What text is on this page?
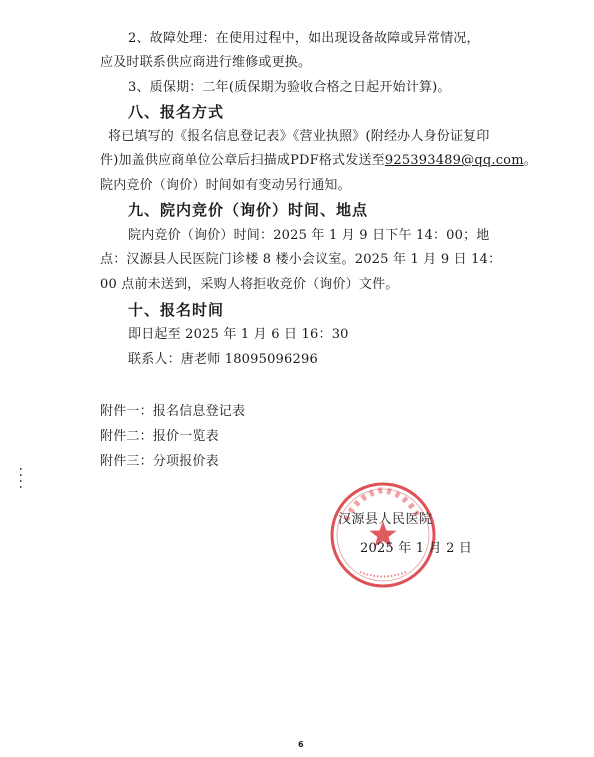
2、故障处理：在使用过程中，如出现设备故障或异常情况，
应及时联系供应商进行维修或更换。
3、质保期：二年(质保期为验收合格之日起开始计算)。
八、报名方式
将已填写的《报名信息登记表》《营业执照》(附经办人身份证复印
件)加盖供应商单位公章后扫描成PDF格式发送至925393489@qq.com。
院内竞价（询价）时间如有变动另行通知。
九、院内竞价（询价）时间、地点
院内竞价（询价）时间：2025 年 1 月 9 日下午 14：00；地
点：汉源县人民医院门诊楼 8 楼小会议室。2025 年 1 月 9 日 14：
00 点前未送到，采购人将拒收竞价（询价）文件。
十、报名时间
即日起至 2025 年 1 月 6 日 16：30
联系人：唐老师 18095096296
附件一：报名信息登记表
附件二：报价一览表
附件三：分项报价表
汉源县人民医院
2025 年 1 月 2 日
6
